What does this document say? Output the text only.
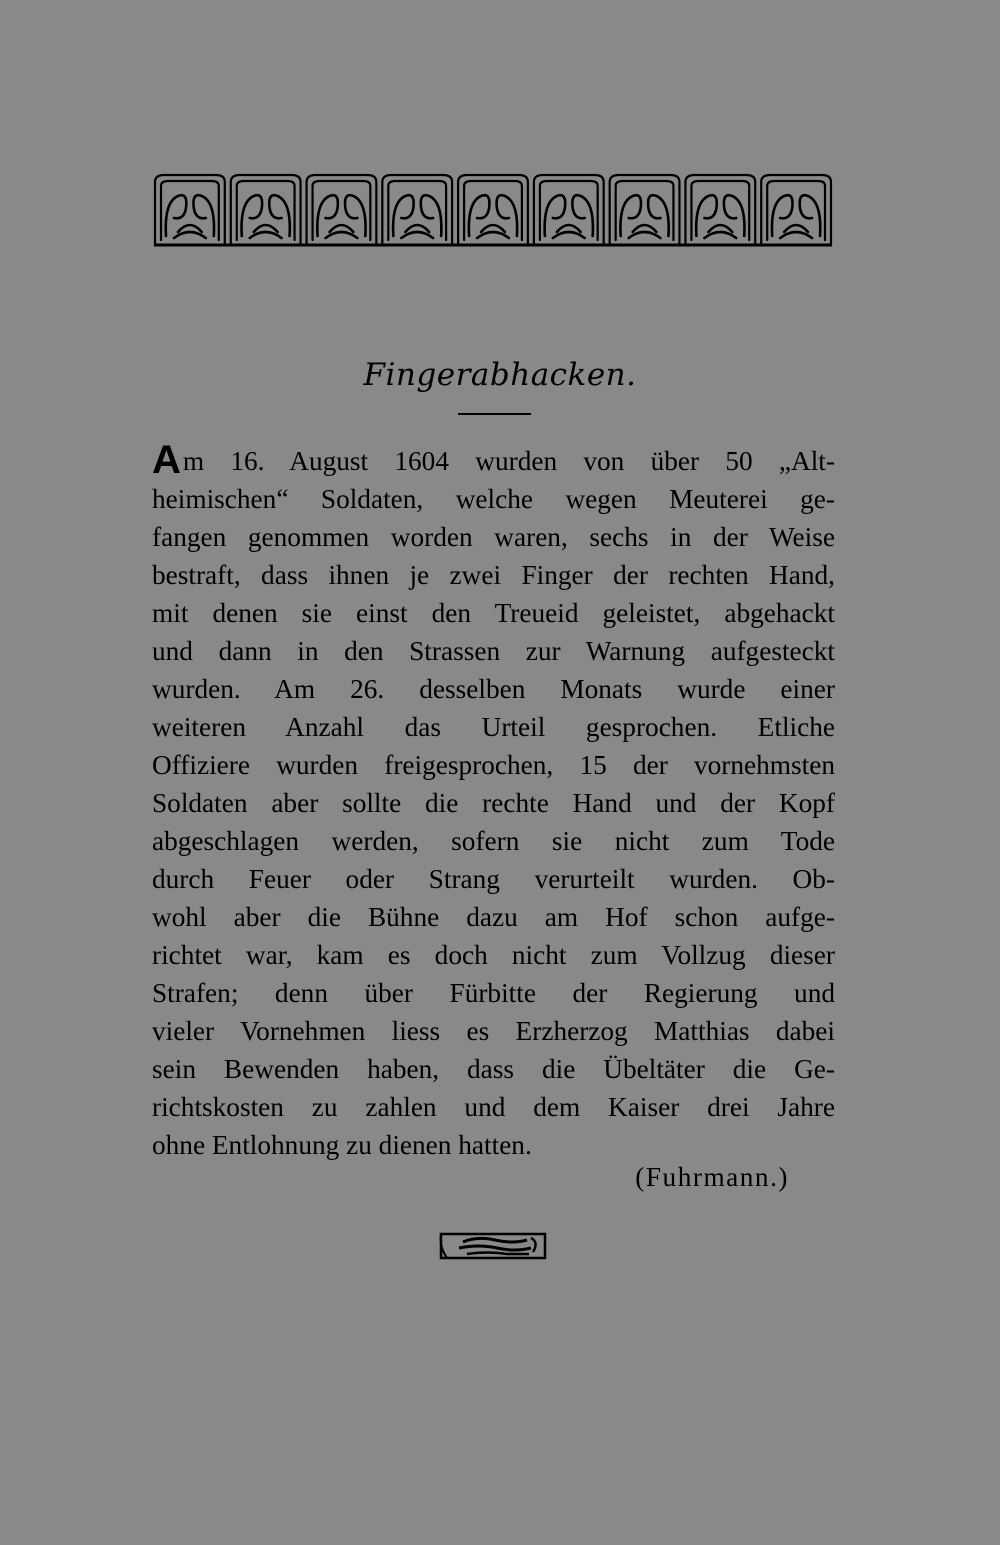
Fingerabhacken.
Am 16. August 1604 wurden von über 50 „Alt-
heimischen“ Soldaten, welche wegen Meuterei ge-
fangen genommen worden waren, sechs in der Weise
bestraft, dass ihnen je zwei Finger der rechten Hand,
mit denen sie einst den Treueid geleistet, abgehackt
und dann in den Strassen zur Warnung aufgesteckt
wurden. Am 26. desselben Monats wurde einer
weiteren Anzahl das Urteil gesprochen. Etliche
Offiziere wurden freigesprochen, 15 der vornehmsten
Soldaten aber sollte die rechte Hand und der Kopf
abgeschlagen werden, sofern sie nicht zum Tode
durch Feuer oder Strang verurteilt wurden. Ob-
wohl aber die Bühne dazu am Hof schon aufge-
richtet war, kam es doch nicht zum Vollzug dieser
Strafen; denn über Fürbitte der Regierung und
vieler Vornehmen liess es Erzherzog Matthias dabei
sein Bewenden haben, dass die Übeltäter die Ge-
richtskosten zu zahlen und dem Kaiser drei Jahre
ohne Entlohnung zu dienen hatten.
(Fuhrmann.)
